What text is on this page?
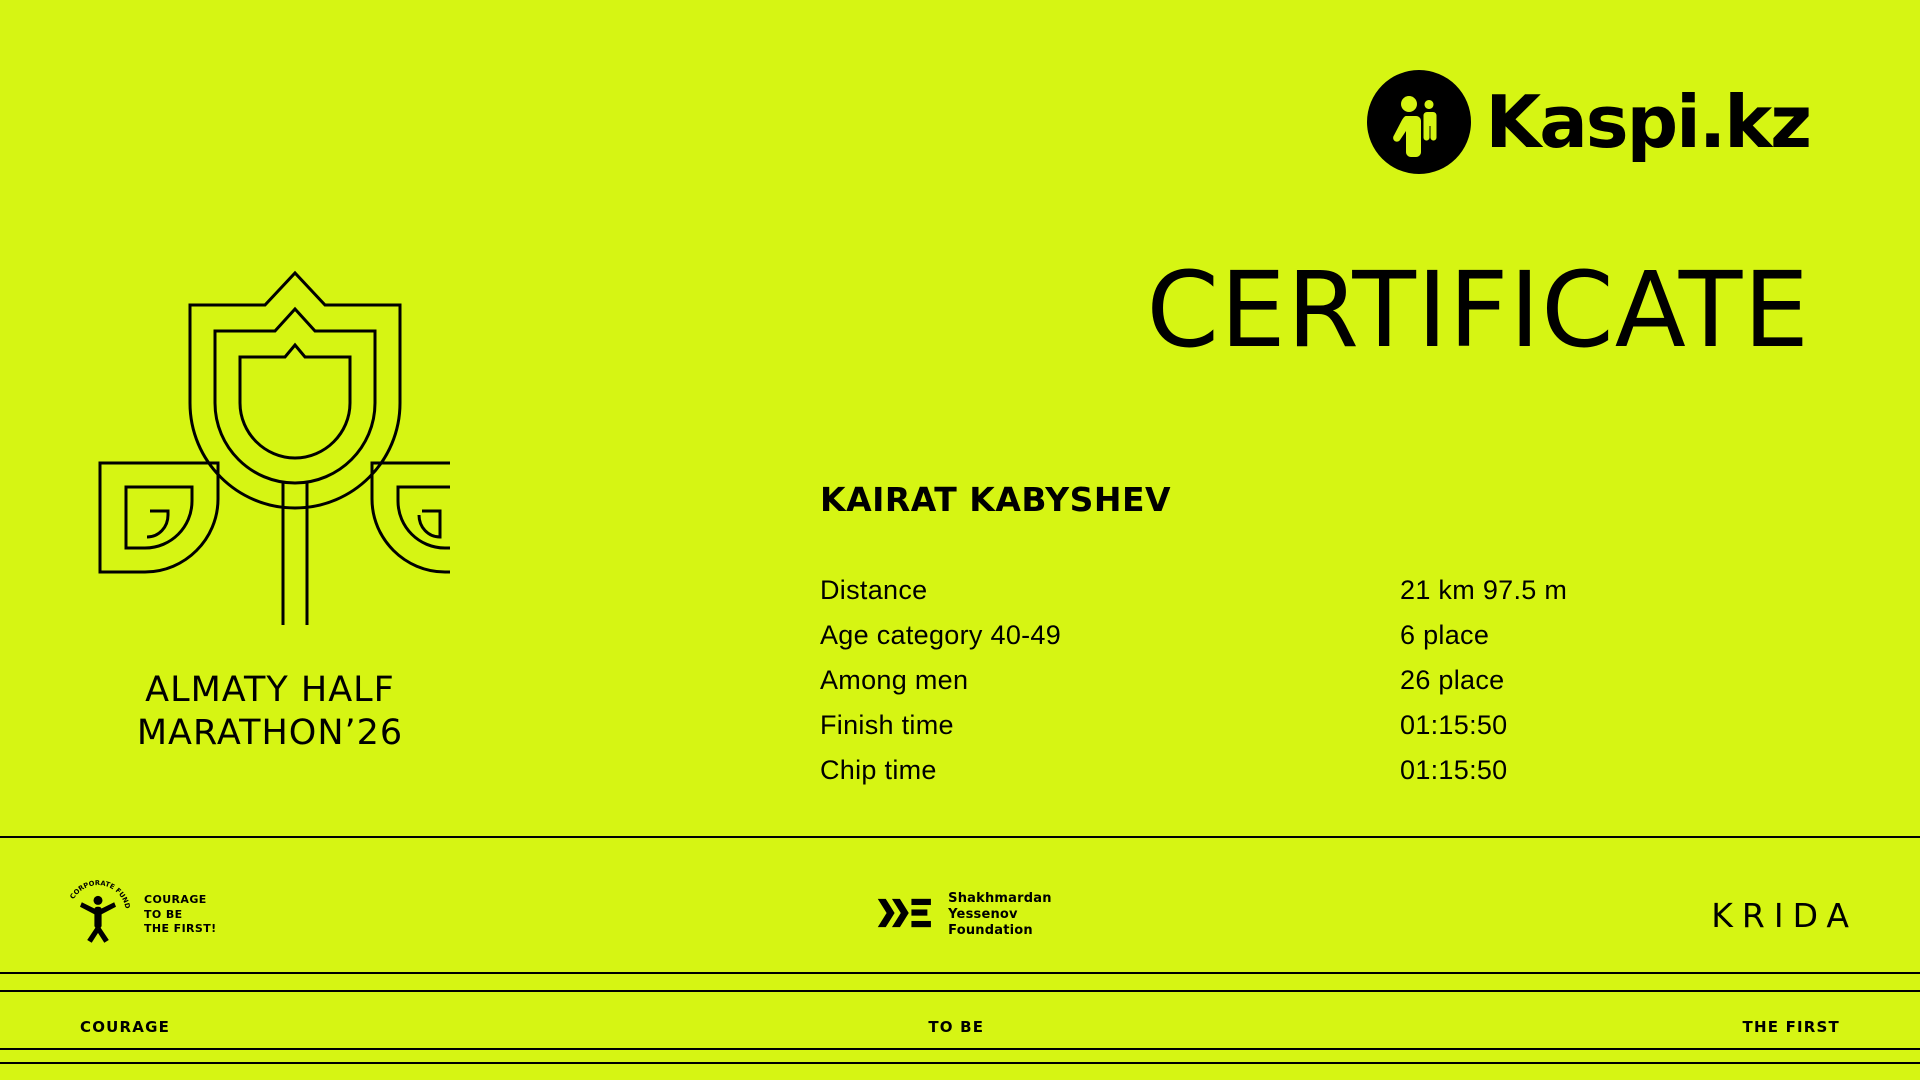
Kaspi.kz
CERTIFICATE
KAIRAT KABYSHEV
Distance	21 km 97.5 m
Age category 40-49	6 place
Among men	26 place
Finish time	01:15:50
Chip time	01:15:50
ALMATY HALF
MARATHON’26
CORPORATE FUND COURAGE
TO BE
THE FIRST!
Shakhmardan
Yessenov
Foundation	KRIDA
COURAGE	TO BE	THE FIRST
